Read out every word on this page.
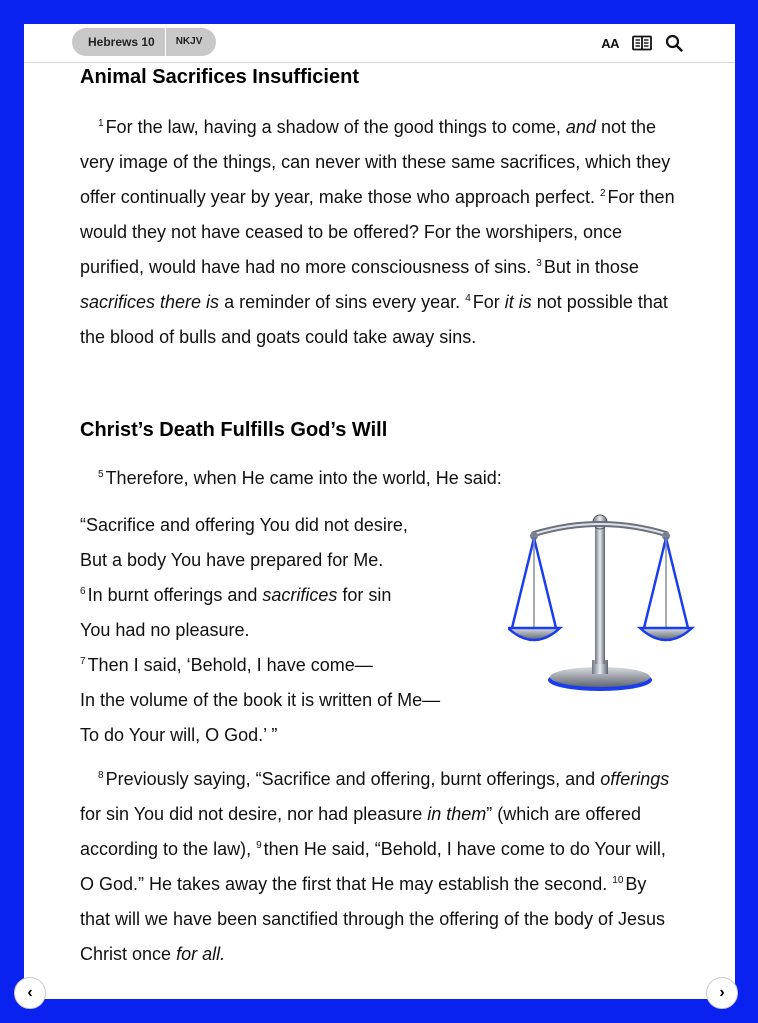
Hebrews 10	NKJV	AA
Animal Sacrifices Insufficient

$^1$ For the law, having a shadow of the good things to come, and not the very image of the things, can never with these same sacrifices, which they offer continually year by year, make those who approach perfect. $^2$ For then would they not have ceased to be offered? For the worshipers, once purified, would have had no more consciousness of sins. $^3$ But in those sacrifices there is a reminder of sins every year. $^4$ For it is not possible that the blood of bulls and goats could take away sins.

Christ’s Death Fulfills God’s Will

$^5$ Therefore, when He came into the world, He said:

“Sacrifice and offering You did not desire,
But a body You have prepared for Me.
$^6$ In burnt offerings and sacrifices for sin
You had no pleasure.
$^7$ Then I said, ‘Behold, I have come—
In the volume of the book it is written of Me—
To do Your will, O God.’ ”

$^8$ Previously saying, “Sacrifice and offering, burnt offerings, and offerings for sin You did not desire, nor had pleasure in them” (which are offered according to the law), $^9$ then He said, “Behold, I have come to do Your will, O God.” He takes away the first that He may establish the second. $^{10}$ By that will we have been sanctified through the offering of the body of Jesus Christ once for all.

‹	›
